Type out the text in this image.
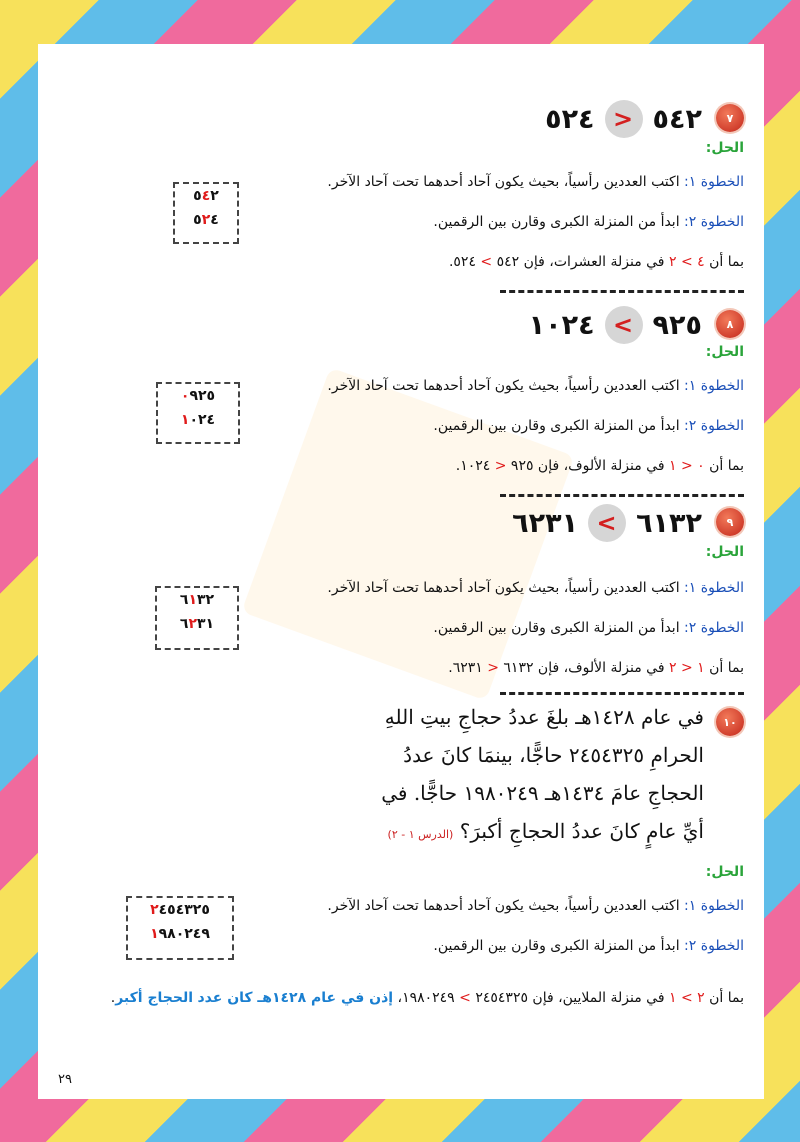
٧
٥٢٤ > ٥٤٢
الحل:
الخطوة ١: اكتب العددين رأسياً، بحيث يكون آحاد أحدهما تحت آحاد الآخر.
الخطوة ٢: ابدأ من المنزلة الكبرى وقارن بين الرقمين.
٥٤٢
٥٢٤
بما أن ٤ > ٢ في منزلة العشرات، فإن ٥٤٢ > ٥٢٤.
٨
١٠٢٤ < ٩٢٥
الحل:
الخطوة ١: اكتب العددين رأسياً، بحيث يكون آحاد أحدهما تحت آحاد الآخر.
الخطوة ٢: ابدأ من المنزلة الكبرى وقارن بين الرقمين.
٠٩٢٥
١٠٢٤
بما أن ٠ < ١ في منزلة الألوف، فإن ٩٢٥ < ١٠٢٤.
٩
٦٢٣١ < ٦١٣٢
الحل:
الخطوة ١: اكتب العددين رأسياً، بحيث يكون آحاد أحدهما تحت آحاد الآخر.
الخطوة ٢: ابدأ من المنزلة الكبرى وقارن بين الرقمين.
٦١٣٢
٦٢٣١
بما أن ١ < ٢ في منزلة الألوف، فإن ٦١٣٢ < ٦٢٣١.
١٠
في عام ١٤٢٨هـ بلغَ عددُ حجاجِ بيتِ اللهِ
الحرامِ ٢٤٥٤٣٢٥ حاجًّا، بينمَا كانَ عددُ
الحجاجِ عامَ ١٤٣٤هـ ١٩٨٠٢٤٩ حاجًّا. في
أيِّ عامٍ كانَ عددُ الحجاجِ أكبرَ؟ (الدرس ١ - ٢)
الحل:
الخطوة ١: اكتب العددين رأسياً، بحيث يكون آحاد أحدهما تحت آحاد الآخر.
الخطوة ٢: ابدأ من المنزلة الكبرى وقارن بين الرقمين.
٢٤٥٤٣٢٥
١٩٨٠٢٤٩
بما أن ٢ > ١ في منزلة الملايين، فإن ٢٤٥٤٣٢٥ > ١٩٨٠٢٤٩، إذن في عام ١٤٢٨هـ كان عدد الحجاج أكبر.
٢٩
